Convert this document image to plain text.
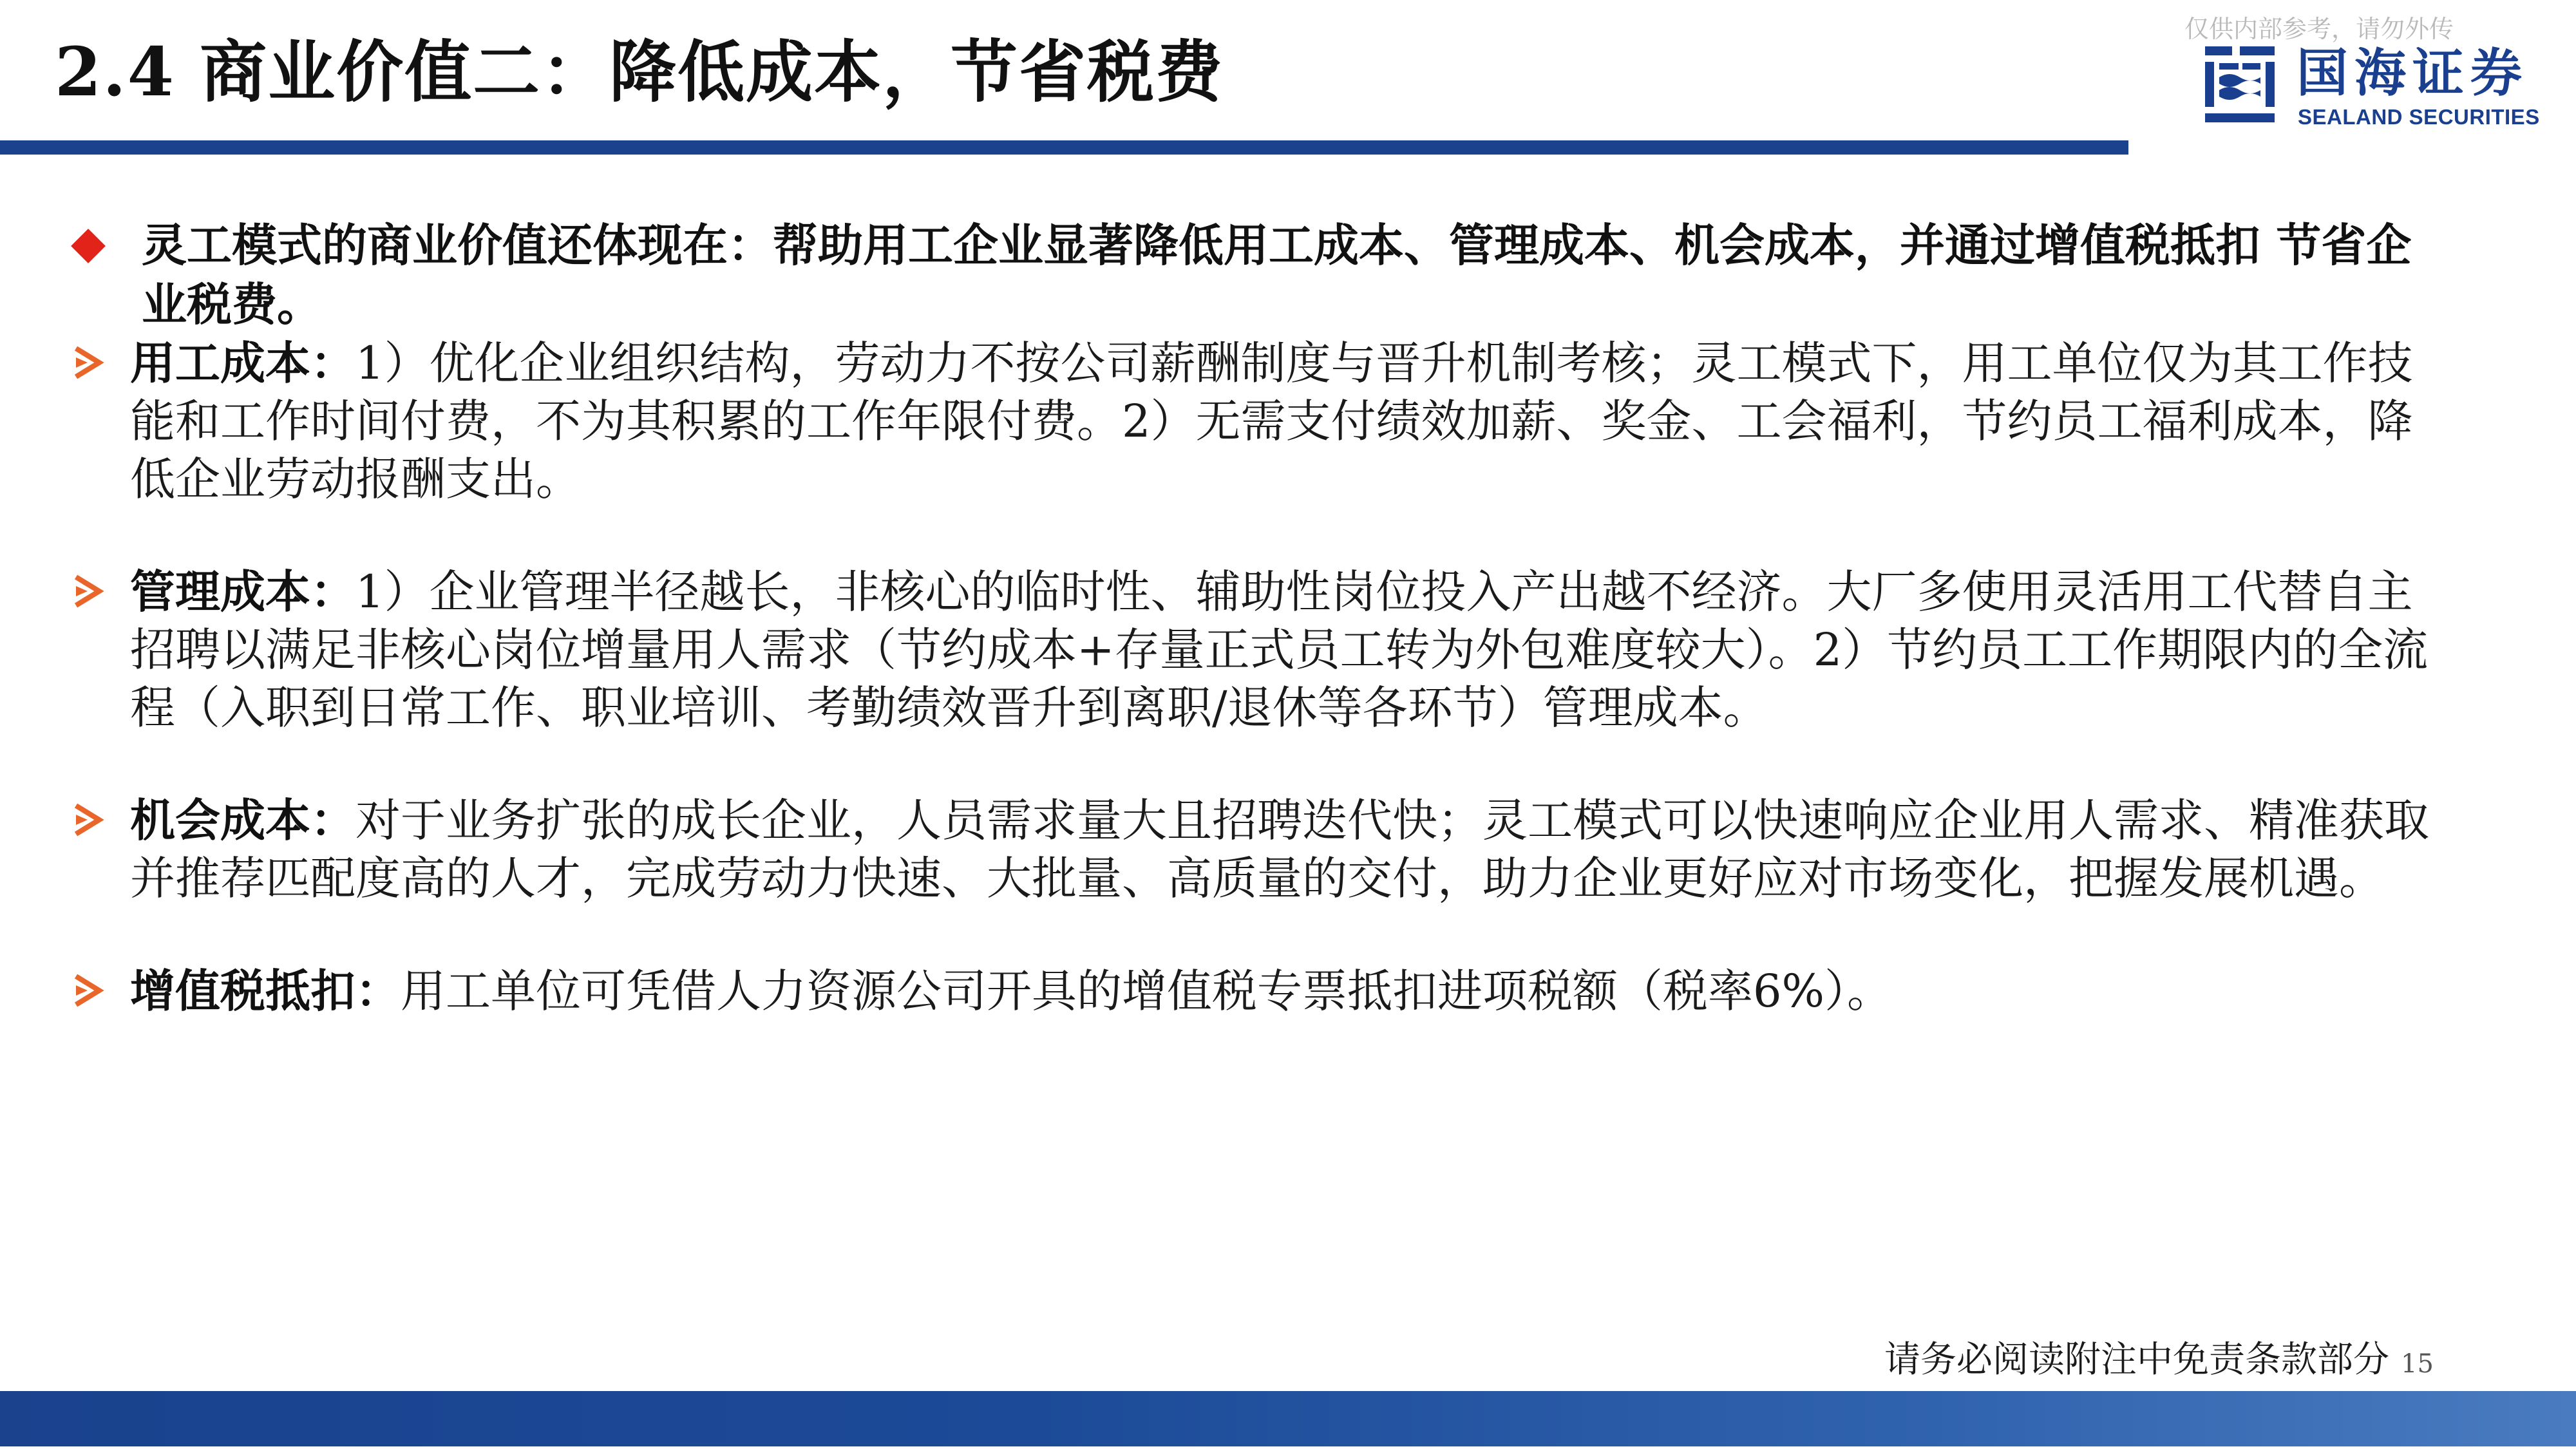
2.4 商业价值二：降低成本，节省税费
仅供内部参考，请勿外传
国海证券
SEALAND SECURITIES
灵工模式的商业价值还体现在：帮助用工企业显著降低用工成本、管理成本、机会成本，并通过增值税抵扣 节省企业税费。
用工成本：1）优化企业组织结构，劳动力不按公司薪酬制度与晋升机制考核；灵工模式下，用工单位仅为其工作技能和工作时间付费，不为其积累的工作年限付费。2）无需支付绩效加薪、奖金、工会福利，节约员工福利成本，降低企业劳动报酬支出。
管理成本：1）企业管理半径越长，非核心的临时性、辅助性岗位投入产出越不经济。大厂多使用灵活用工代替自主招聘以满足非核心岗位增量用人需求（节约成本+存量正式员工转为外包难度较大）。2）节约员工工作期限内的全流程（入职到日常工作、职业培训、考勤绩效晋升到离职/退休等各环节）管理成本。
机会成本：对于业务扩张的成长企业，人员需求量大且招聘迭代快；灵工模式可以快速响应企业用人需求、精准获取并推荐匹配度高的人才，完成劳动力快速、大批量、高质量的交付，助力企业更好应对市场变化，把握发展机遇。
增值税抵扣：用工单位可凭借人力资源公司开具的增值税专票抵扣进项税额（税率6%）。
请务必阅读附注中免责条款部分 15
